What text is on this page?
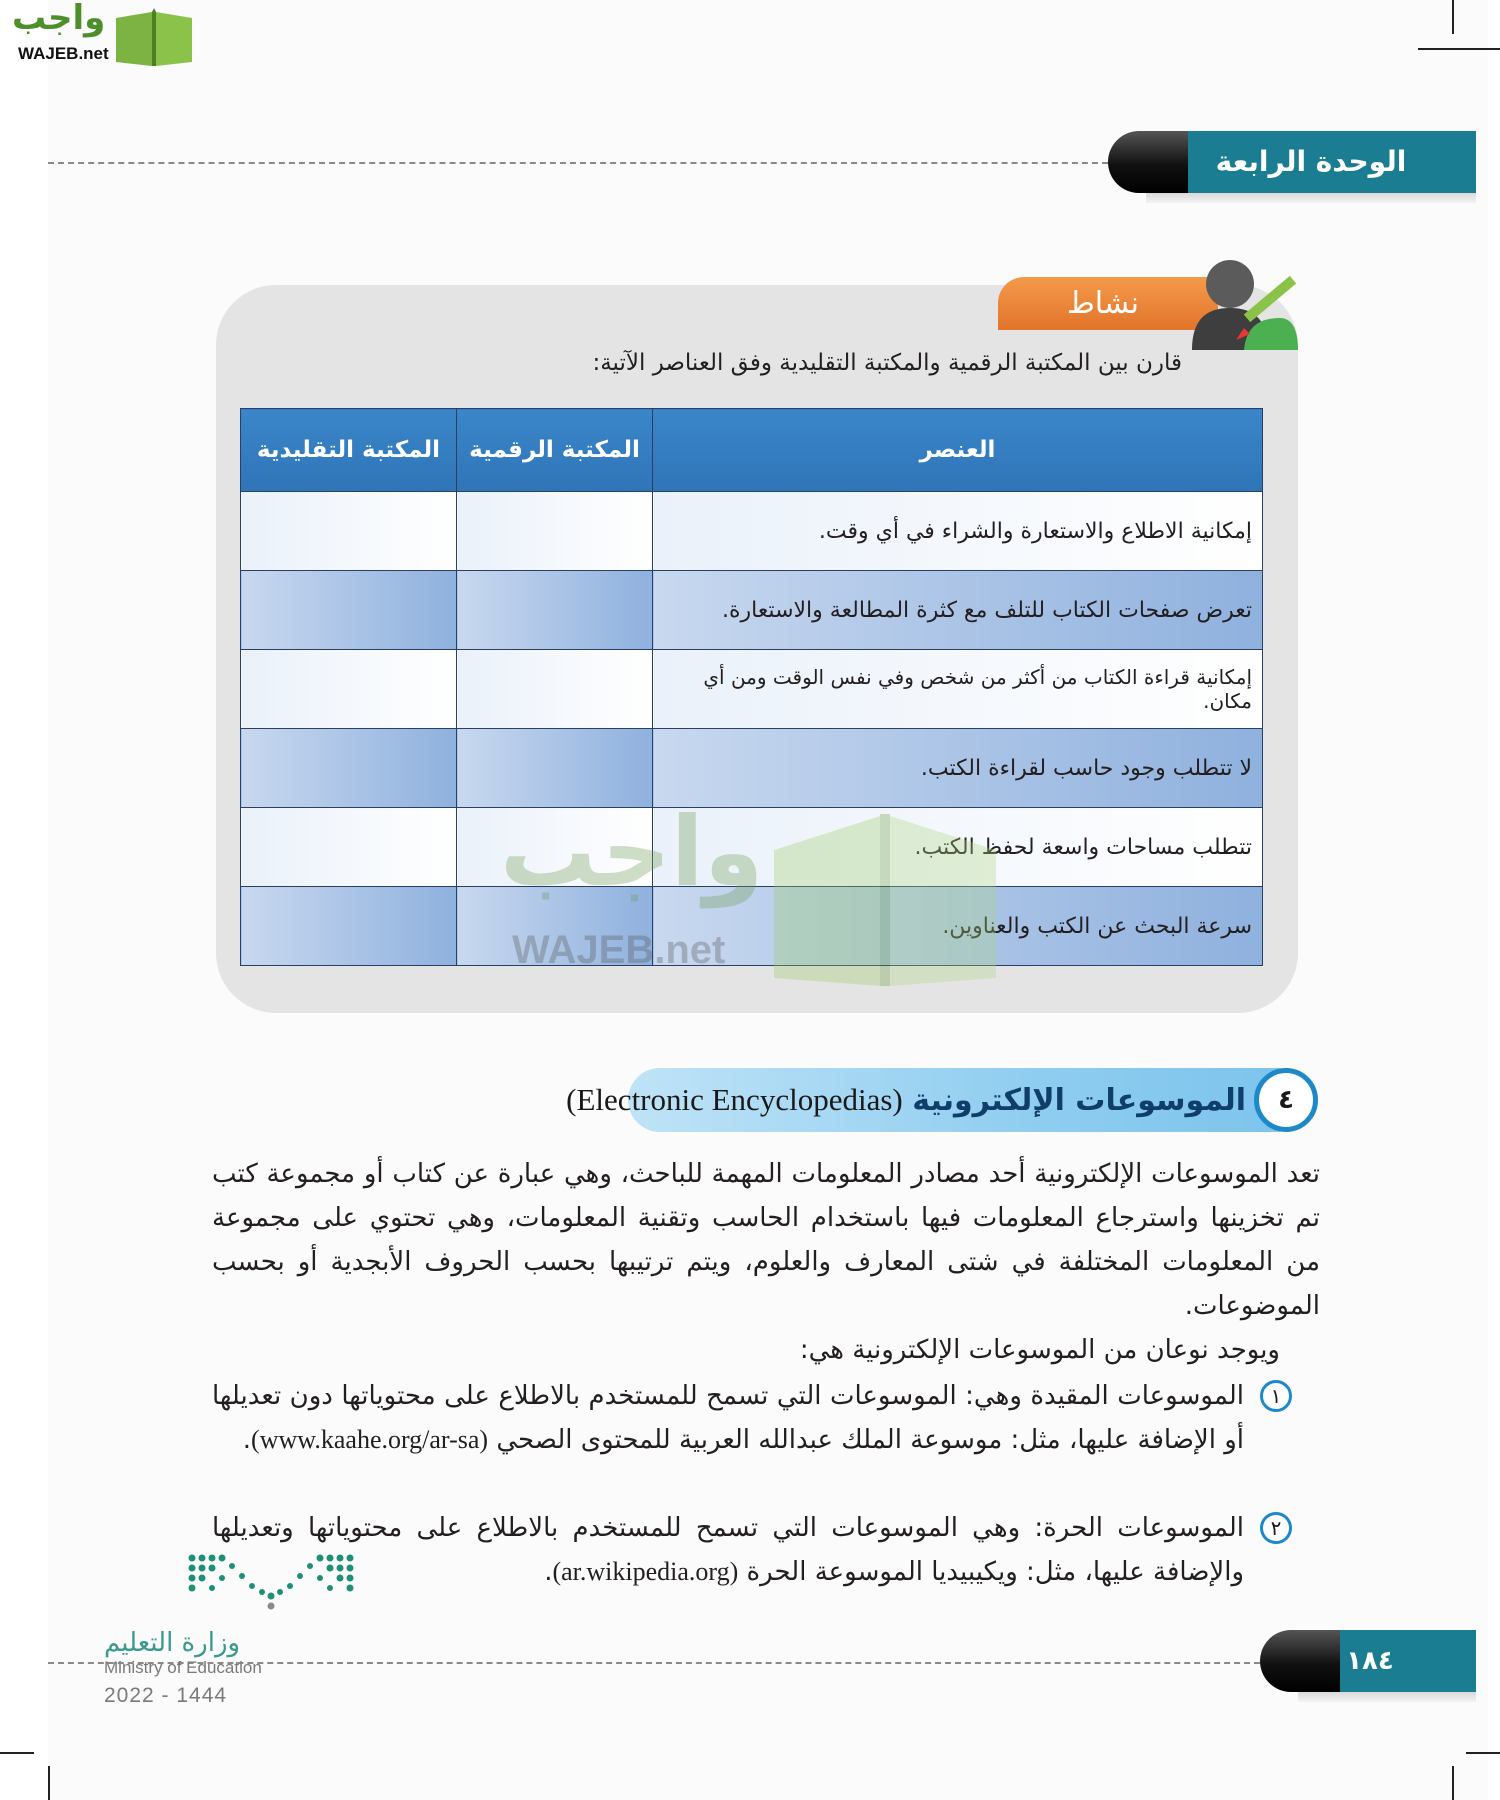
واجب
WAJEB.net
الوحدة الرابعة
نشاط
قارن بين المكتبة الرقمية والمكتبة التقليدية وفق العناصر الآتية:
العنصر	المكتبة الرقمية	المكتبة التقليدية
إمكانية الاطلاع والاستعارة والشراء في أي وقت.		
تعرض صفحات الكتاب للتلف مع كثرة المطالعة والاستعارة.		
إمكانية قراءة الكتاب من أكثر من شخص وفي نفس الوقت ومن أي مكان.		
لا تتطلب وجود حاسب لقراءة الكتب.		
تتطلب مساحات واسعة لحفظ الكتب.		
سرعة البحث عن الكتب والعناوين.		
واجب
WAJEB.net
الموسوعات الإلكترونية (Electronic Encyclopedias)	٤
تعد الموسوعات الإلكترونية أحد مصادر المعلومات المهمة للباحث، وهي عبارة عن كتاب أو مجموعة كتب تم تخزينها واسترجاع المعلومات فيها باستخدام الحاسب وتقنية المعلومات، وهي تحتوي على مجموعة من المعلومات المختلفة في شتى المعارف والعلوم، ويتم ترتيبها بحسب الحروف الأبجدية أو بحسب الموضوعات.
ويوجد نوعان من الموسوعات الإلكترونية هي:
١
الموسوعات المقيدة وهي: الموسوعات التي تسمح للمستخدم بالاطلاع على محتوياتها دون تعديلها أو الإضافة عليها، مثل: موسوعة الملك عبدالله العربية للمحتوى الصحي (www.kaahe.org/ar-sa).
٢
الموسوعات الحرة: وهي الموسوعات التي تسمح للمستخدم بالاطلاع على محتوياتها وتعديلها والإضافة عليها، مثل: ويكيبيديا الموسوعة الحرة (ar.wikipedia.org).
وزارة التعليم
Ministry of Education
2022 - 1444
١٨٤
